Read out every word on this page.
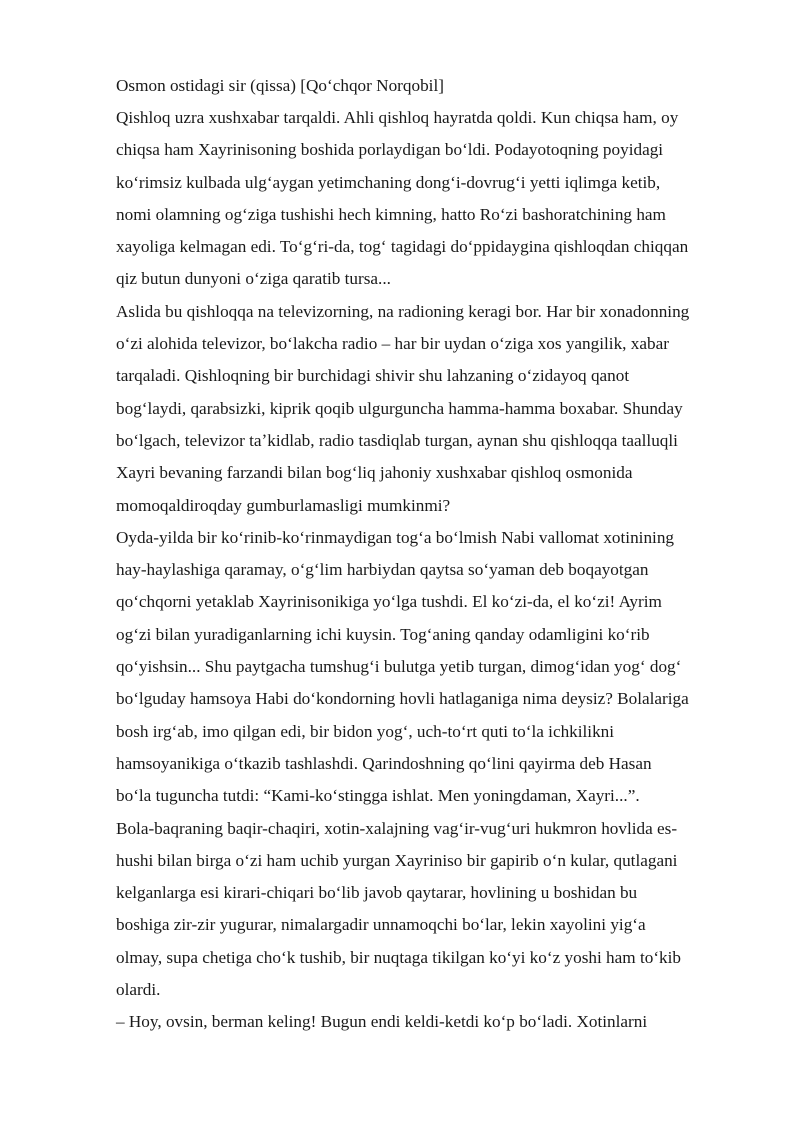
Osmon ostidagi sir (qissa) [Qoʻchqor Norqobil]

Qishloq uzra xushxabar tarqaldi. Ahli qishloq hayratda qoldi. Kun chiqsa ham, oy
chiqsa ham Xayrinisoning boshida porlaydigan boʻldi. Podayotoqning poyidagi
koʻrimsiz kulbada ulgʻaygan yetimchaning dongʻi-dovrugʻi yetti iqlimga ketib,
nomi olamning ogʻziga tushishi hech kimning, hatto Roʻzi bashoratchining ham
xayoliga kelmagan edi. Toʻgʻri-da, togʻ tagidagi doʻppidaygina qishloqdan chiqqan
qiz butun dunyoni oʻziga qaratib tursa...

Aslida bu qishloqqa na televizorning, na radioning keragi bor. Har bir xonadonning
oʻzi alohida televizor, boʻlakcha radio – har bir uydan oʻziga xos yangilik, xabar
tarqaladi. Qishloqning bir burchidagi shivir shu lahzaning oʻzidayoq qanot
bogʻlaydi, qarabsizki, kiprik qoqib ulgurguncha hamma-hamma boxabar. Shunday
boʻlgach, televizor taʼkidlab, radio tasdiqlab turgan, aynan shu qishloqqa taalluqli
Xayri bevaning farzandi bilan bogʻliq jahoniy xushxabar qishloq osmonida
momoqaldiroqday gumburlamasligi mumkinmi?

Oyda-yilda bir koʻrinib-koʻrinmaydigan togʻa boʻlmish Nabi vallomat xotinining
hay-haylashiga qaramay, oʻgʻlim harbiydan qaytsa soʻyaman deb boqayotgan
qoʻchqorni yetaklab Xayrinisonikiga yoʻlga tushdi. El koʻzi-da, el koʻzi! Ayrim
ogʻzi bilan yuradiganlarning ichi kuysin. Togʻaning qanday odamligini koʻrib
qoʻyishsin... Shu paytgacha tumshugʻi bulutga yetib turgan, dimogʻidan yogʻ dogʻ
boʻlguday hamsoya Habi doʻkondorning hovli hatlaganiga nima deysiz? Bolalariga
bosh irgʻab, imo qilgan edi, bir bidon yogʻ, uch-toʻrt quti toʻla ichkilikni
hamsoyanikiga oʻtkazib tashlashdi. Qarindoshning qoʻlini qayirma deb Hasan
boʻla tuguncha tutdi: “Kami-koʻstingga ishlat. Men yoningdaman, Xayri...”.

Bola-baqraning baqir-chaqiri, xotin-xalajning vagʻir-vugʻuri hukmron hovlida es-
hushi bilan birga oʻzi ham uchib yurgan Xayriniso bir gapirib oʻn kular, qutlagani
kelganlarga esi kirari-chiqari boʻlib javob qaytarar, hovlining u boshidan bu
boshiga zir-zir yugurar, nimalargadir unnamoqchi boʻlar, lekin xayolini yigʻa
olmay, supa chetiga choʻk tushib, bir nuqtaga tikilgan koʻyi koʻz yoshi ham toʻkib
olardi.

– Hoy, ovsin, berman keling! Bugun endi keldi-ketdi koʻp boʻladi. Xotinlarni
